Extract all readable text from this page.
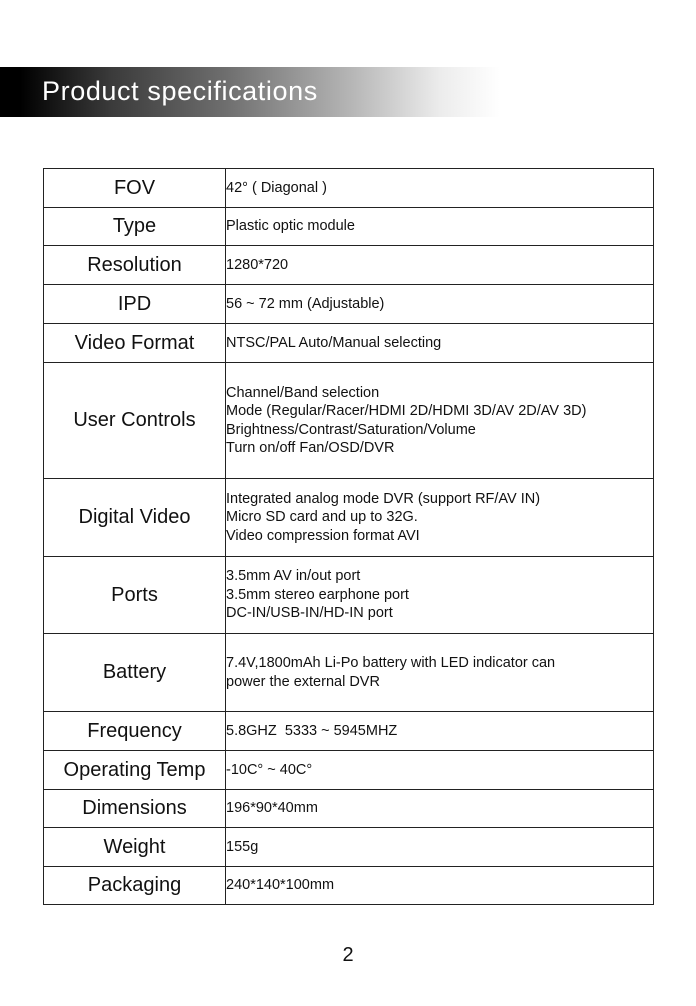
Product specifications
FOV	42° ( Diagonal )

Type	Plastic optic module

Resolution	1280*720

IPD	56 ~ 72 mm (Adjustable)

Video Format	NTSC/PAL Auto/Manual selecting

User Controls	Channel/Band selection
Mode (Regular/Racer/HDMI 2D/HDMI 3D/AV 2D/AV 3D)
Brightness/Contrast/Saturation/Volume
Turn on/off Fan/OSD/DVR

Digital Video	Integrated analog mode DVR (support RF/AV IN)
Micro SD card and up to 32G.
Video compression format AVI

Ports	3.5mm AV in/out port
3.5mm stereo earphone port
DC-IN/USB-IN/HD-IN port

Battery	7.4V,1800mAh Li-Po battery with LED indicator can
power the external DVR

Frequency	5.8GHZ  5333 ~ 5945MHZ

Operating Temp	-10C° ~ 40C°

Dimensions	196*90*40mm

Weight	155g

Packaging	240*140*100mm
2
